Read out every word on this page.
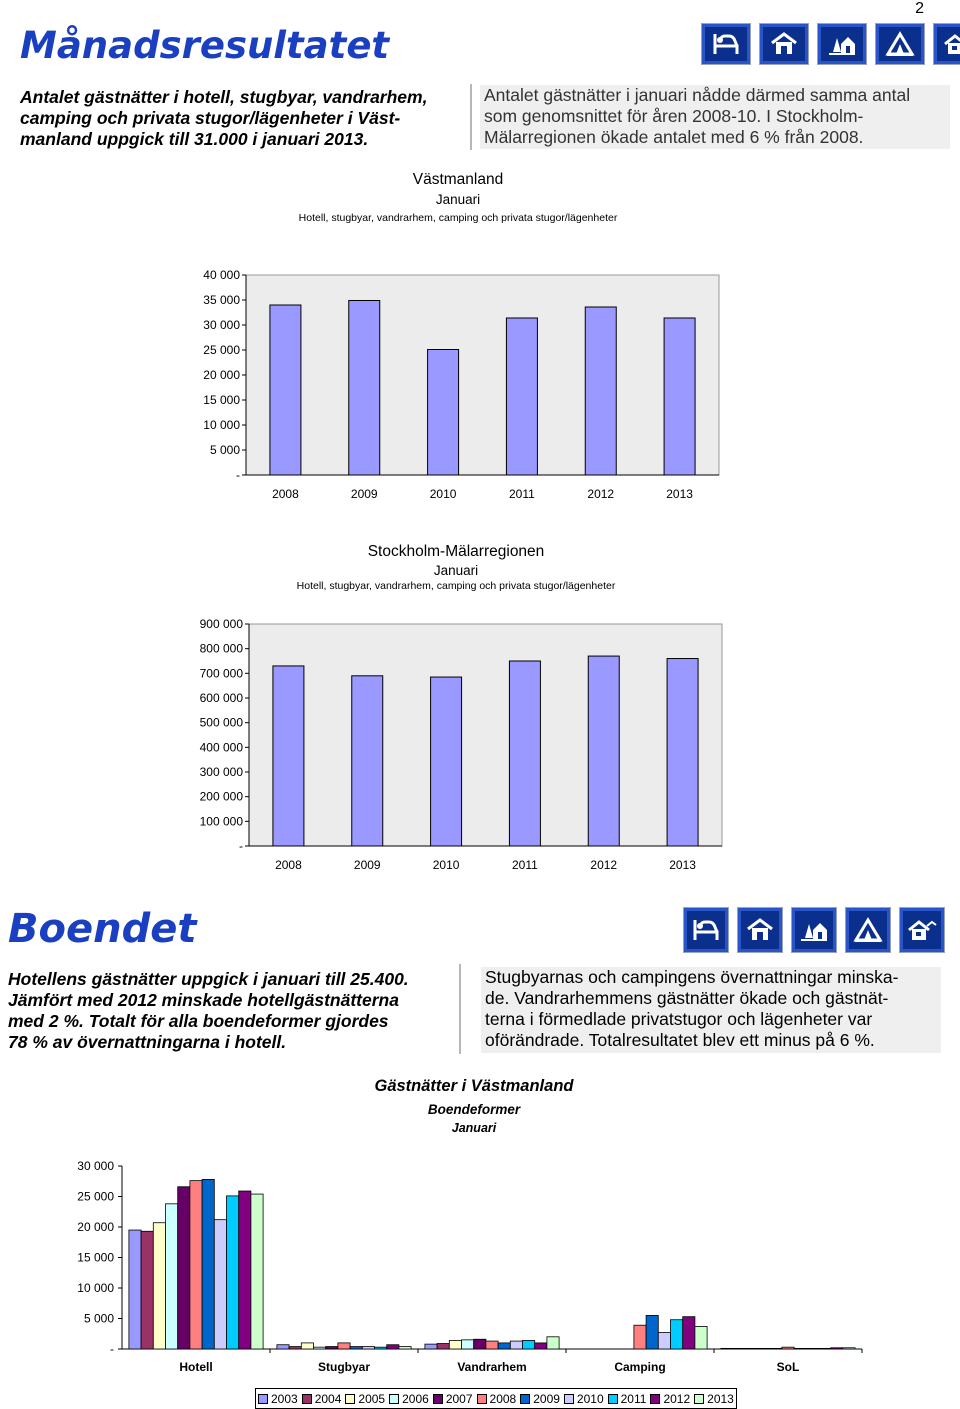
2
Månadsresultatet
Antalet gästnätter i hotell, stugbyar, vandrarhem,
camping och privata stugor/lägenheter i Väst-
manland uppgick till 31.000 i januari 2013.
Antalet gästnätter i januari nådde därmed samma antal
som genomsnittet för åren 2008-10. I Stockholm-
Mälarregionen ökade antalet med 6 % från 2008.
Västmanland
Januari
Hotell, stugbyar, vandrarhem, camping och privata stugor/lägenheter
-
5 000
10 000
15 000
20 000
25 000
30 000
35 000
40 000
2008	2009	2010	2011	2012	2013
Stockholm-Mälarregionen
Januari
Hotell, stugbyar, vandrarhem, camping och privata stugor/lägenheter
-
100 000
200 000
300 000
400 000
500 000
600 000
700 000
800 000
900 000
2008	2009	2010	2011	2012	2013
Boendet
Hotellens gästnätter uppgick i januari till 25.400.
Jämfört med 2012 minskade hotellgästnätterna
med 2 %. Totalt för alla boendeformer gjordes
78 % av övernattningarna i hotell.
Stugbyarnas och campingens övernattningar minska-
de. Vandrarhemmens gästnätter ökade och gästnät-
terna i förmedlade privatstugor och lägenheter var
oförändrade. Totalresultatet blev ett minus på 6 %.
Gästnätter i Västmanland
Boendeformer
Januari
-
5 000
10 000
15 000
20 000
25 000
30 000
Hotell	Stugbyar	Vandrarhem	Camping	SoL
2003 2004 2005 2006 2007 2008 2009 2010 2011 2012 2013
